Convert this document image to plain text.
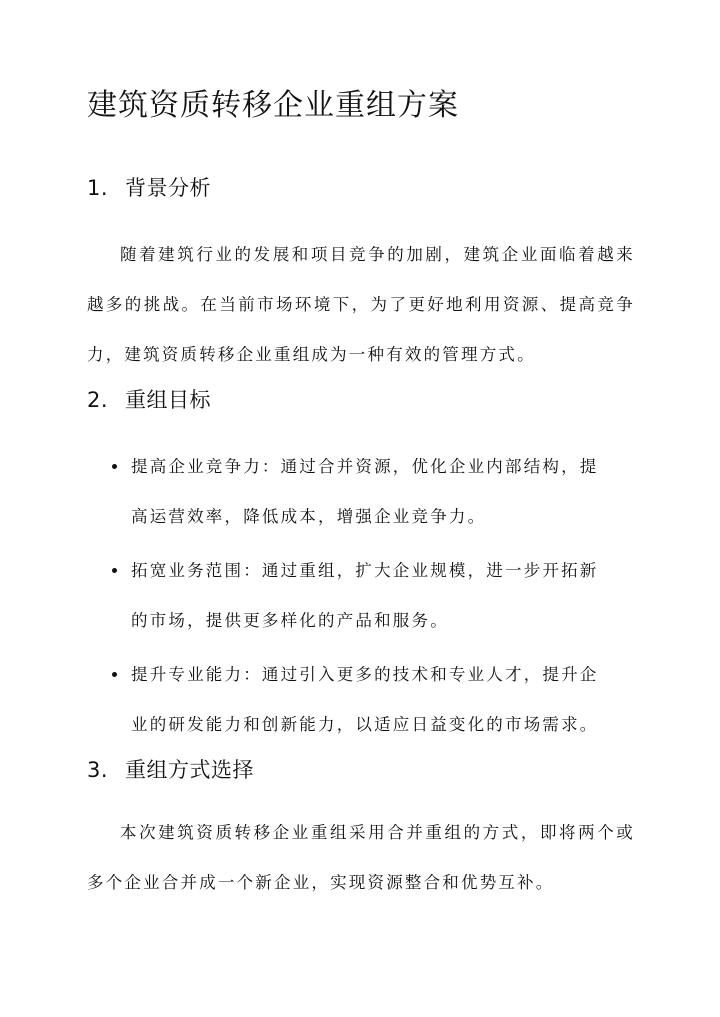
建筑资质转移企业重组方案
1. 背景分析

随着建筑行业的发展和项目竞争的加剧，建筑企业面临着越来越多的挑战。在当前市场环境下，为了更好地利用资源、提高竞争力，建筑资质转移企业重组成为一种有效的管理方式。

2. 重组目标
提高企业竞争力：通过合并资源，优化企业内部结构，提高运营效率，降低成本，增强企业竞争力。
拓宽业务范围：通过重组，扩大企业规模，进一步开拓新的市场，提供更多样化的产品和服务。
提升专业能力：通过引入更多的技术和专业人才，提升企业的研发能力和创新能力，以适应日益变化的市场需求。
3. 重组方式选择

本次建筑资质转移企业重组采用合并重组的方式，即将两个或多个企业合并成一个新企业，实现资源整合和优势互补。
